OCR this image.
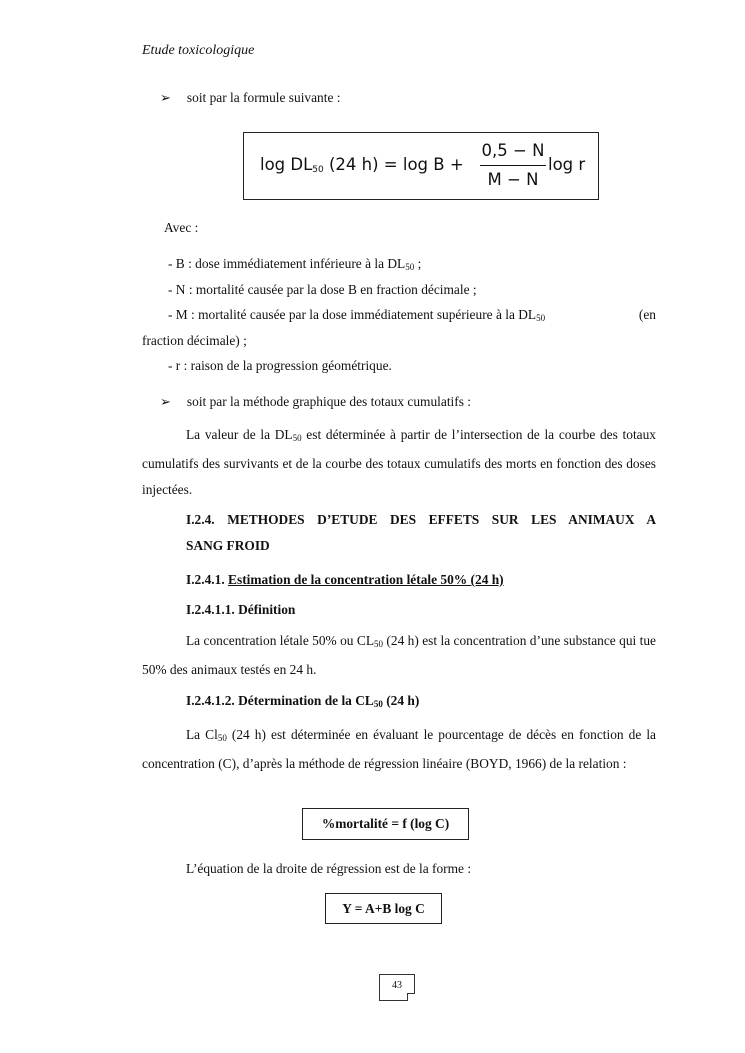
Etude toxicologique
➢ soit par la formule suivante :
$\log DL_{50}$ (24 h) = log B +
0,5 − N
M − N
log r
Avec :
- B : dose immédiatement inférieure à la $DL_{50}$ ;
- N : mortalité causée par la dose B en fraction décimale ;
- M : mortalité causée par la dose immédiatement supérieure à la $DL_{50}$	(en
fraction décimale) ;
- r : raison de la progression géométrique.
➢ soit par la méthode graphique des totaux cumulatifs :
La valeur de la $DL_{50}$ est déterminée à partir de l’intersection de la courbe des totaux cumulatifs des survivants et de la courbe des totaux cumulatifs des morts en fonction des doses injectées.
I.2.4. METHODES D’ETUDE DES EFFETS SUR LES ANIMAUX A
SANG FROID
I.2.4.1. Estimation de la concentration létale 50% (24 h)
I.2.4.1.1. Définition
La concentration létale 50% ou $CL_{50}$ (24 h) est la concentration d’une substance qui tue 50% des animaux testés en 24 h.
I.2.4.1.2. Détermination de la $CL_{50}$ (24 h)
La $Cl_{50}$ (24 h) est déterminée en évaluant le pourcentage de décès en fonction de la concentration (C), d’après la méthode de régression linéaire (BOYD, 1966) de la relation :
%mortalité = f (log C)
L’équation de la droite de régression est de la forme :
Y = A+B log C
43
